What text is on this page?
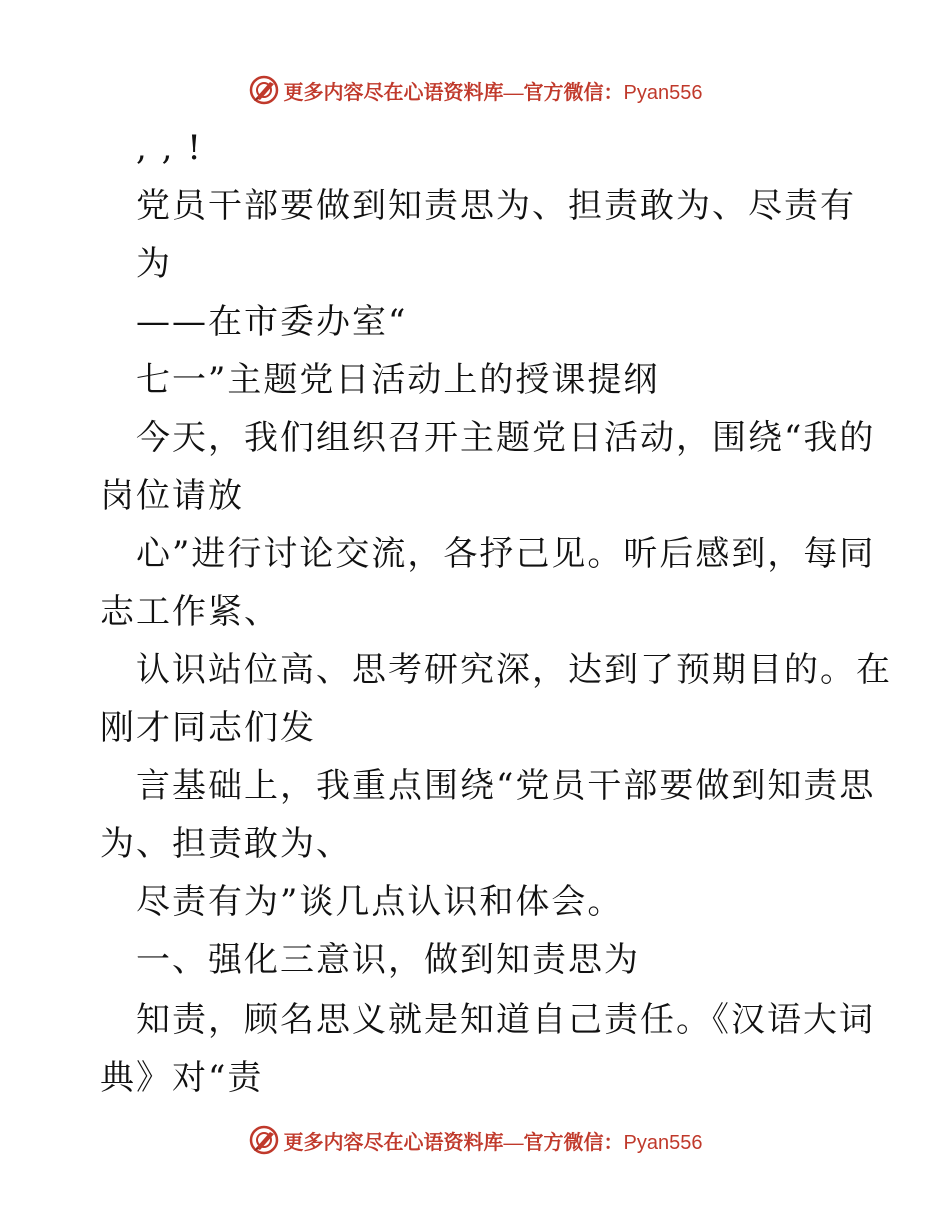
更多内容尽在心语资料库—官方微信：Pyan556
, , !
党员干部要做到知责思为、担责敢为、尽责有
为
——在市委办室“
七一”主题党日活动上的授课提纲
今天，我们组织召开主题党日活动，围绕“我的
岗位请放
心”进行讨论交流，各抒己见。听后感到，每同
志工作紧、
认识站位高、思考研究深，达到了预期目的。在
刚才同志们发
言基础上，我重点围绕“党员干部要做到知责思
为、担责敢为、
尽责有为”谈几点认识和体会。
一、强化三意识，做到知责思为
知责，顾名思义就是知道自己责任。《汉语大词
典》对“责
更多内容尽在心语资料库—官方微信：Pyan556
